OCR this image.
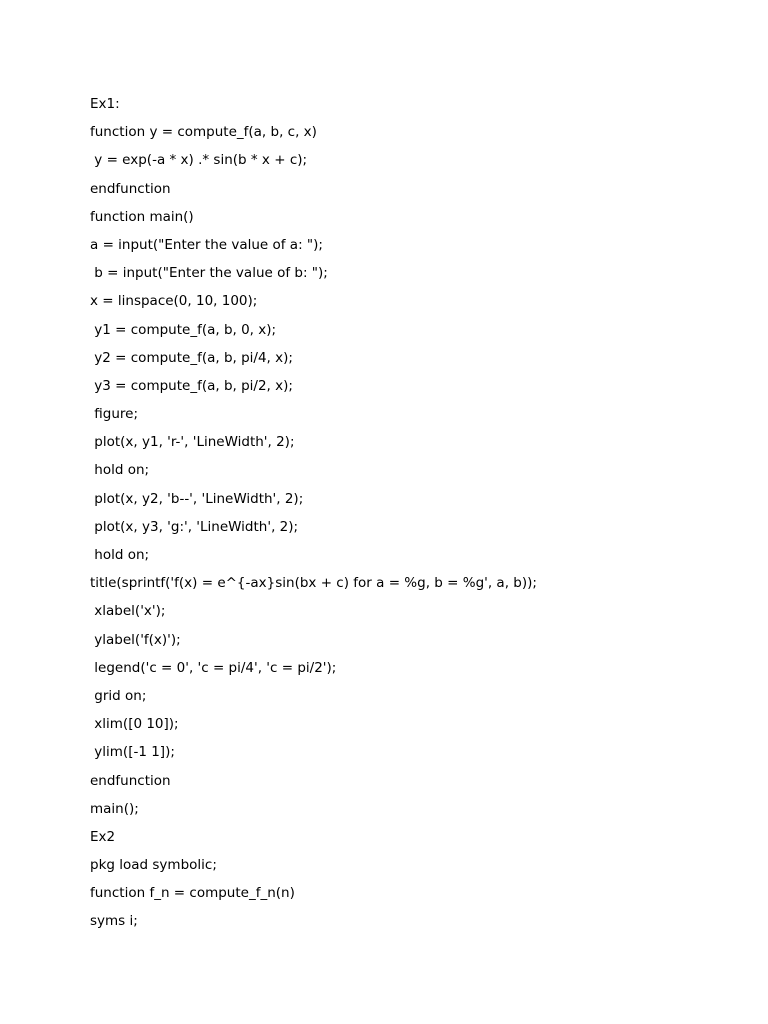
Ex1:
function y = compute_f(a, b, c, x)
y = exp(-a * x) .* sin(b * x + c);
endfunction
function main()
a = input("Enter the value of a: ");
b = input("Enter the value of b: ");
x = linspace(0, 10, 100);
y1 = compute_f(a, b, 0, x);
y2 = compute_f(a, b, pi/4, x);
y3 = compute_f(a, b, pi/2, x);
figure;
plot(x, y1, 'r-', 'LineWidth', 2);
hold on;
plot(x, y2, 'b--', 'LineWidth', 2);
plot(x, y3, 'g:', 'LineWidth', 2);
hold on;
title(sprintf('f(x) = e^{-ax}sin(bx + c) for a = %g, b = %g', a, b));
xlabel('x');
ylabel('f(x)');
legend('c = 0', 'c = pi/4', 'c = pi/2');
grid on;
xlim([0 10]);
ylim([-1 1]);
endfunction
main();
Ex2
pkg load symbolic;
function f_n = compute_f_n(n)
syms i;
